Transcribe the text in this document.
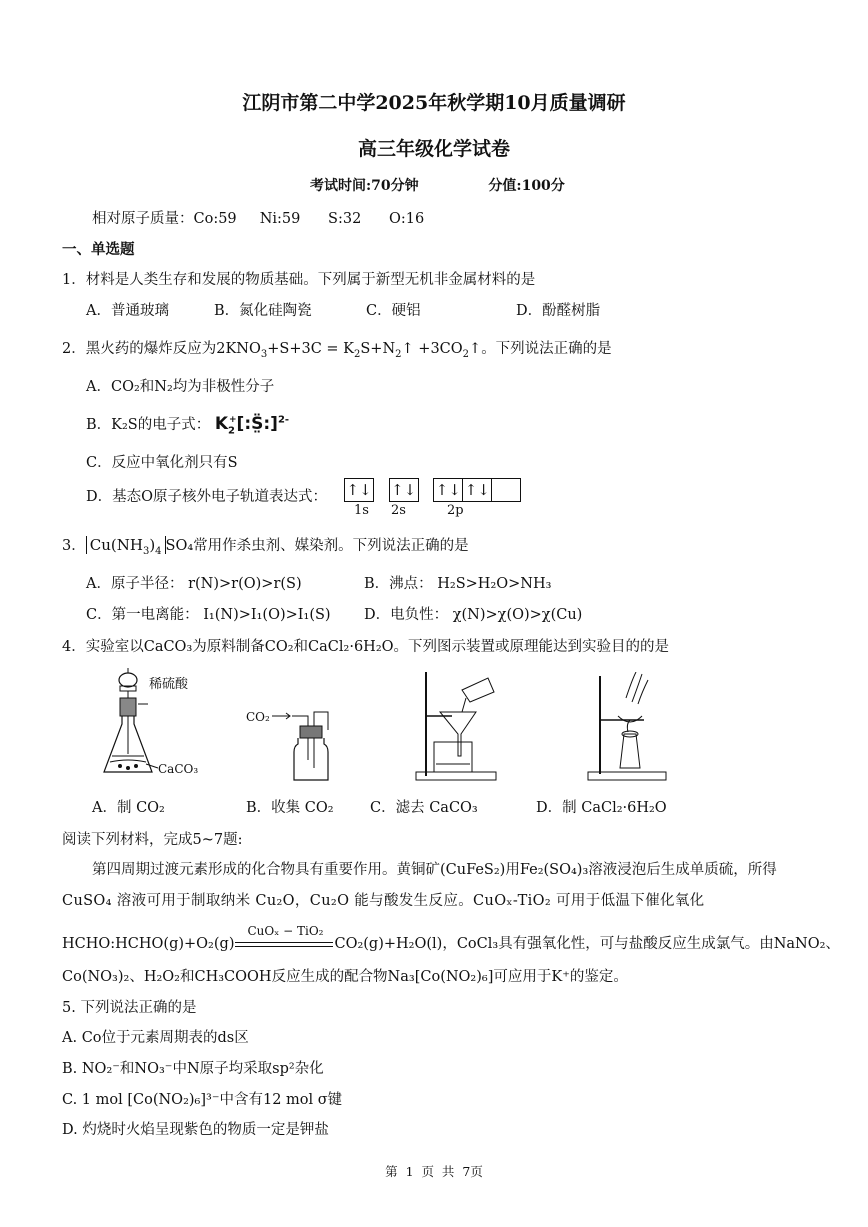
江阴市第二中学2025年秋学期10月质量调研
高三年级化学试卷
考试时间:70分钟	分值:100分
相对原子质量：Co:59     Ni:59      S:32      O:16
一、单选题
1．材料是人类生存和发展的物质基础。下列属于新型无机非金属材料的是
A．普通玻璃	B．氮化硅陶瓷	C．硬铝	D．酚醛树脂
2．黑火药的爆炸反应为$2KNO_3+S+3C$ = $K_2S+N_2↑$ $+3CO_2↑$。下列说法正确的是
A．CO₂和N₂均为非极性分子
B．K₂S的电子式： $K_2^+[:S̤̈:]^{2-}$
C．反应中氧化剂只有S
D．基态O原子核外电子轨道表达式： ↑↓ ↑↓ ↑↓ ↑↓
1s 2s	2p
3． $Cu(NH_3)_4$ SO₄常用作杀虫剂、媒染剂。下列说法正确的是
A．原子半径： r(N)>r(O)>r(S)	B．沸点： H₂S>H₂O>NH₃
C．第一电离能： I₁(N)>I₁(O)>I₁(S) D．电负性： χ(N)>χ(O)>χ(Cu)
4．实验室以CaCO₃为原料制备CO₂和CaCl₂·6H₂O。下列图示装置或原理能达到实验目的的是
稀硫酸
CaCO₃
CO₂
A．制 CO₂	B．收集 CO₂	C．滤去 CaCO₃	D．制 CaCl₂·6H₂O
阅读下列材料，完成5~7题:
第四周期过渡元素形成的化合物具有重要作用。黄铜矿(CuFeS₂)用Fe₂(SO₄)₃溶液浸泡后生成单质硫，所得
CuSO₄ 溶液可用于制取纳米 Cu₂O，Cu₂O 能与酸发生反应。CuOₓ-TiO₂ 可用于低温下催化氧化
HCHO:HCHO(g)+O₂(g)
CuOₓ − TiO₂
CO₂(g)+H₂O(l)，CoCl₃具有强氧化性，可与盐酸反应生成氯气。由NaNO₂、
Co(NO₃)₂、H₂O₂和CH₃COOH反应生成的配合物Na₃[Co(NO₂)₆]可应用于K⁺的鉴定。
5. 下列说法正确的是
A. Co位于元素周期表的ds区
B. NO₂⁻和NO₃⁻中N原子均采取sp²杂化
C. 1 mol [Co(NO₂)₆]³⁻中含有12 mol σ键
D. 灼烧时火焰呈现紫色的物质一定是钾盐
第  1  页  共  7页
